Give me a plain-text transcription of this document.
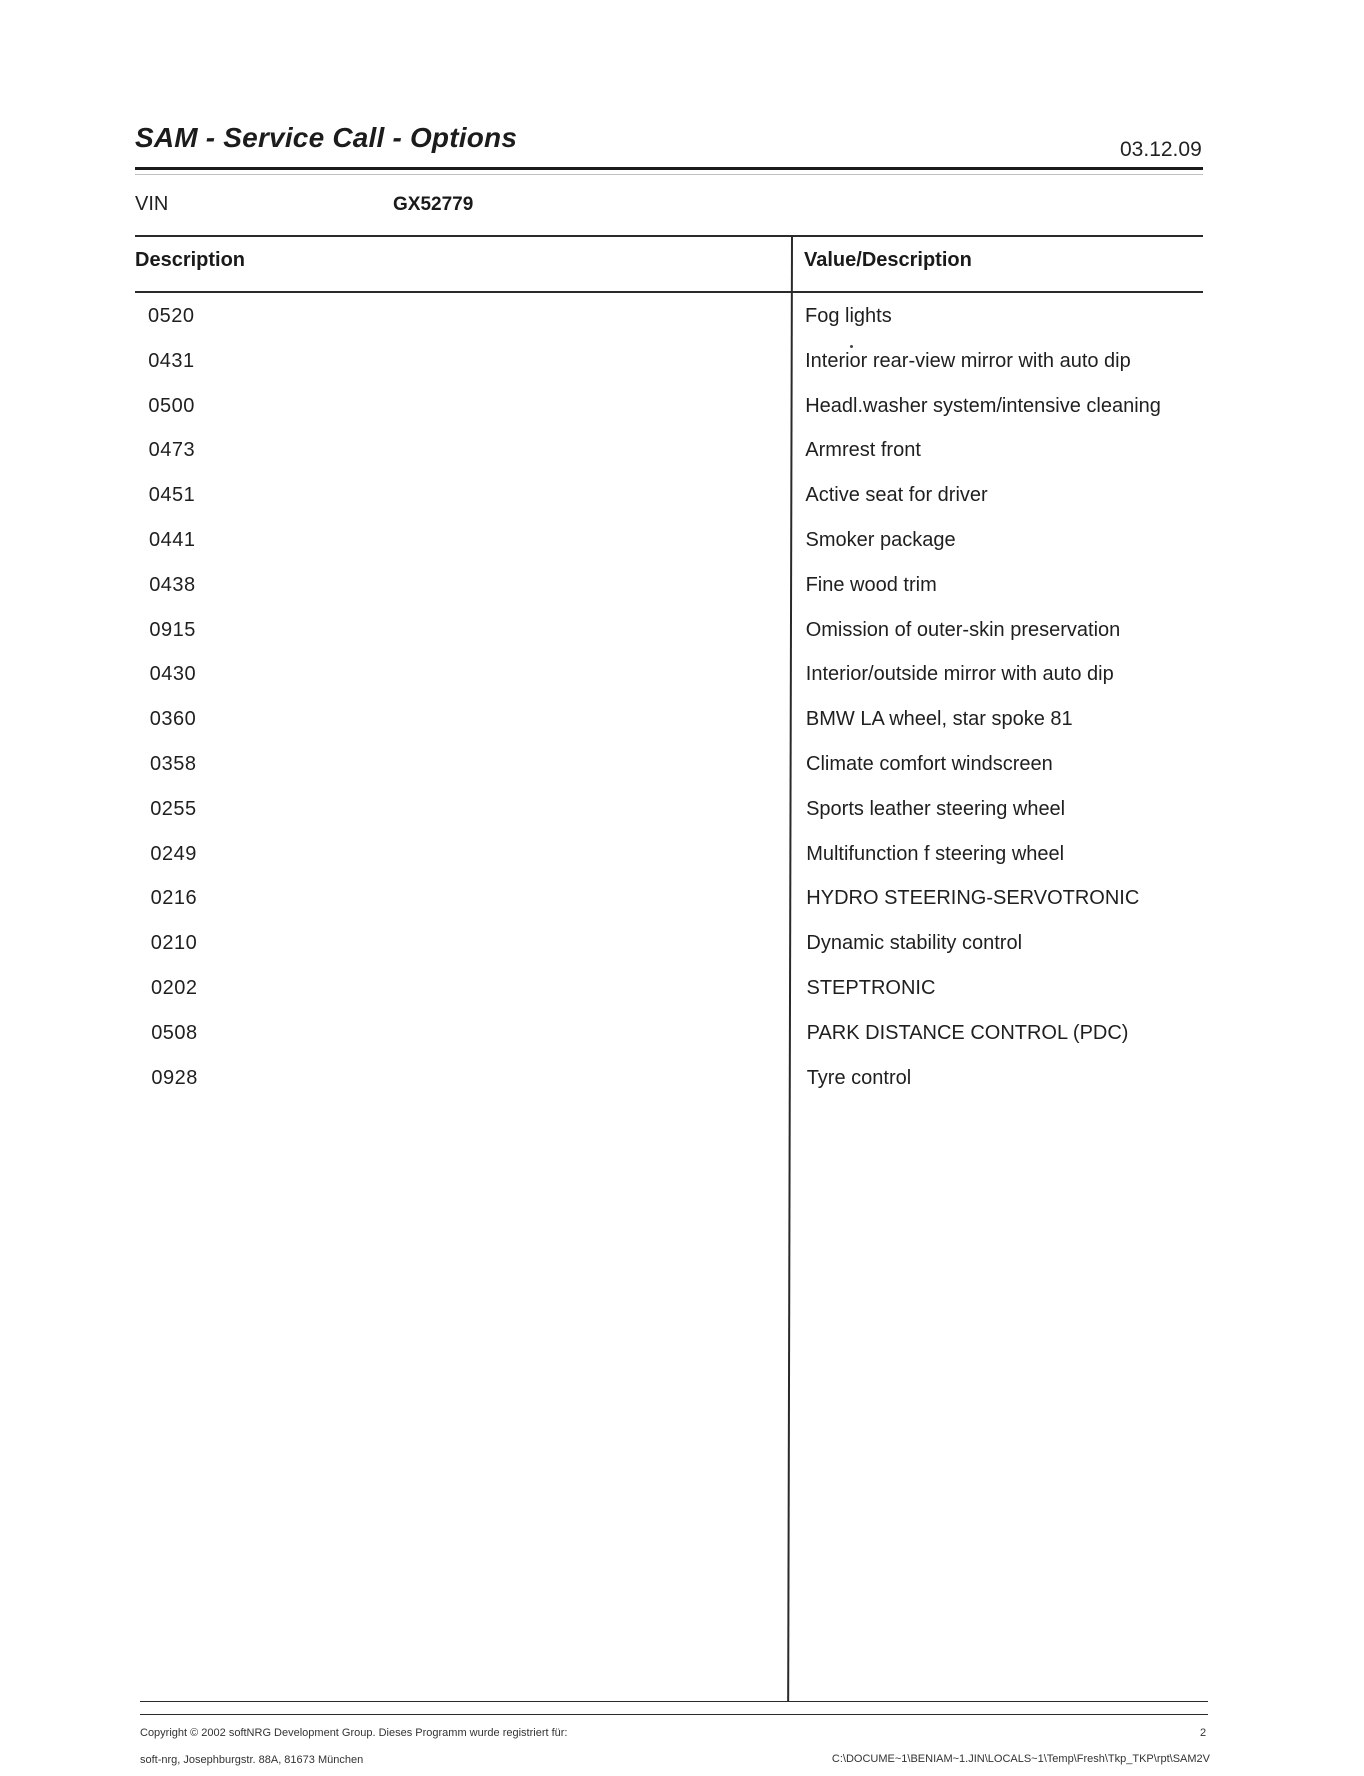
SAM - Service Call - Options	03.12.09
VIN	GX52779
Description	Value/Description
0520	Fog lights
0431	Interior rear-view mirror with auto dip
0500	Headl.washer system/intensive cleaning
0473	Armrest front
0451	Active seat for driver
0441	Smoker package
0438	Fine wood trim
0915	Omission of outer-skin preservation
0430	Interior/outside mirror with auto dip
0360	BMW LA wheel, star spoke 81
0358	Climate comfort windscreen
0255	Sports leather steering wheel
0249	Multifunction f steering wheel
0216	HYDRO STEERING-SERVOTRONIC
0210	Dynamic stability control
0202	STEPTRONIC
0508	PARK DISTANCE CONTROL (PDC)
0928	Tyre control
Copyright © 2002 softNRG Development Group. Dieses Programm wurde registriert für:	2
soft-nrg, Josephburgstr. 88A, 81673 München	C:\DOCUME~1\BENIAM~1.JIN\LOCALS~1\Temp\Fresh\Tkp_TKP\rpt\SAM2V
